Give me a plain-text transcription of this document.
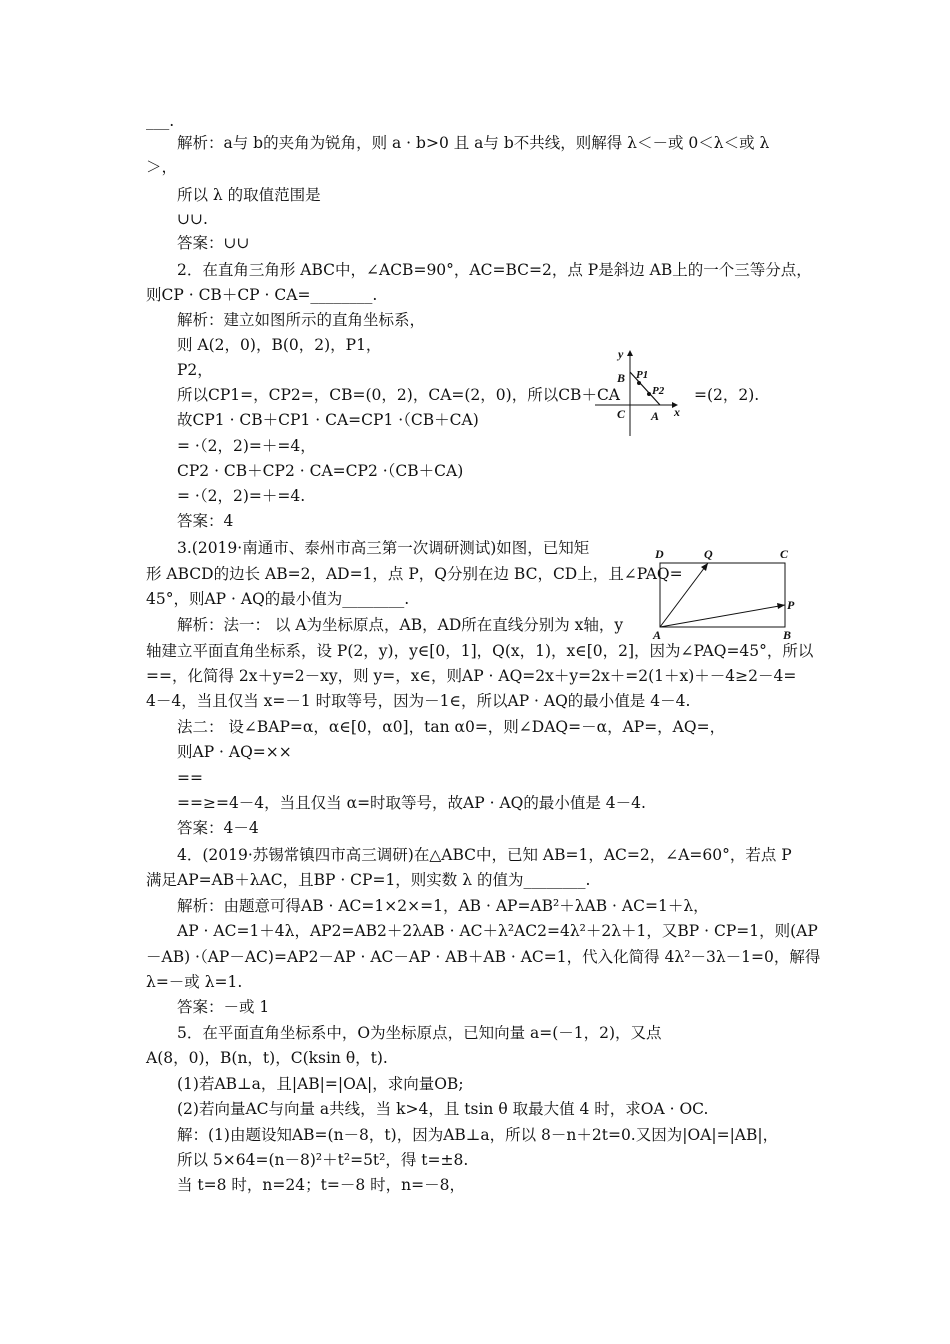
___.
解析：a与 b的夹角为锐角，则 a · b>0 且 a与 b不共线，则解得 λ＜－或 0＜λ＜或 λ
＞，
所以 λ 的取值范围是
∪∪.
答案：∪∪
2．在直角三角形 ABC中，∠ACB=90°，AC=BC=2，点 P是斜边 AB上的一个三等分点，
则CP · CB＋CP · CA=________.
解析：建立如图所示的直角坐标系，
则 A(2，0)，B(0，2)，P1，
P2，
所以CP1=，CP2=，CB=(0，2)，CA=(2，0)，所以CB＋CA	=(2，2).
故CP1 · CB＋CP1 · CA=CP1 ·（CB＋CA)
= ·（2，2)=＋=4，
CP2 · CB＋CP2 · CA=CP2 ·（CB＋CA)
= ·（2，2)=＋=4.
答案：4
3.(2019·南通市、泰州市高三第一次调研测试)如图，已知矩
形 ABCD的边长 AB=2，AD=1，点 P，Q分别在边 BC，CD上，且∠PAQ=
45°，则AP · AQ的最小值为________.
解析：法一： 以 A为坐标原点，AB，AD所在直线分别为 x轴，y
轴建立平面直角坐标系，设 P(2，y)，y∈[0，1]，Q(x，1)，x∈[0，2]，因为∠PAQ=45°，所以
==，化简得 2x＋y=2－xy，则 y=，x∈，则AP · AQ=2x＋y=2x＋=2(1＋x)＋－4≥2－4=
4－4，当且仅当 x=－1 时取等号，因为－1∈，所以AP · AQ的最小值是 4－4.
法二： 设∠BAP=α，α∈[0，α0]，tan α0=，则∠DAQ=－α，AP=，AQ=，
则AP · AQ=××
==
==≥=4－4，当且仅当 α=时取等号，故AP · AQ的最小值是 4－4.
答案：4－4
4．(2019·苏锡常镇四市高三调研)在△ABC中，已知 AB=1，AC=2，∠A=60°，若点 P
满足AP=AB＋λAC，且BP · CP=1，则实数 λ 的值为________.
解析：由题意可得AB · AC=1×2×=1，AB · AP=AB²＋λAB · AC=1＋λ，
AP · AC=1＋4λ，AP2=AB2＋2λAB · AC＋λ²AC2=4λ²＋2λ＋1，又BP · CP=1，则(AP
－AB) ·（AP－AC)=AP2－AP · AC－AP · AB＋AB · AC=1，代入化简得 4λ²－3λ－1=0，解得
λ=－或 λ=1.
答案：－或 1
5．在平面直角坐标系中，O为坐标原点，已知向量 a=(－1，2)，又点
A(8，0)，B(n，t)，C(ksin θ，t).
(1)若AB⊥a，且|AB|=|OA|，求向量OB;
(2)若向量AC与向量 a共线，当 k>4，且 tsin θ 取最大值 4 时，求OA · OC.
解：(1)由题设知AB=(n－8，t)，因为AB⊥a，所以 8－n＋2t=0.又因为|OA|=|AB|，
所以 5×64=(n－8)²＋t²=5t²，得 t=±8.
当 t=8 时，n=24；t=－8 时，n=－8，
y
x
B
C A
P1
P2
D	Q	C
P
A	B
